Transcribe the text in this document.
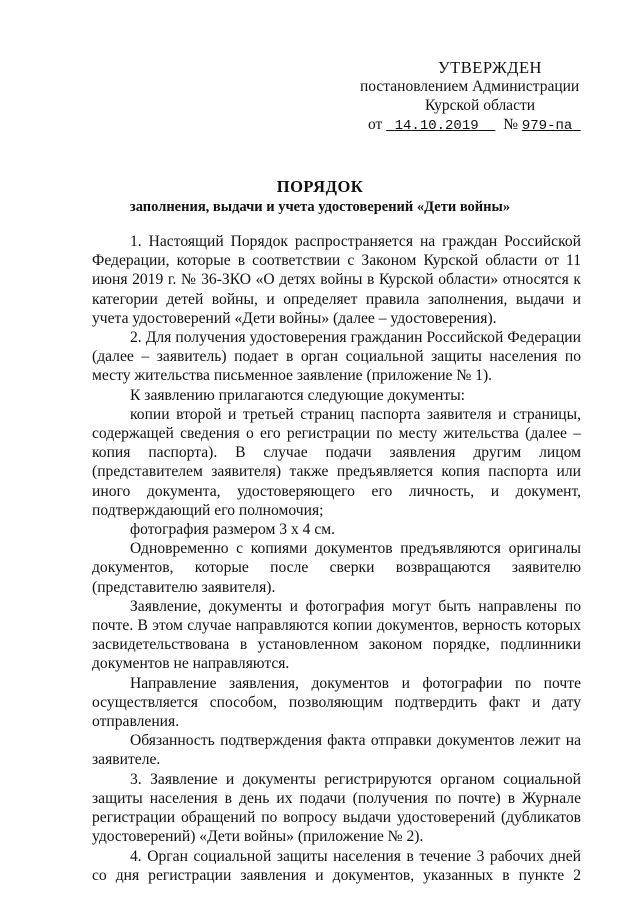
УТВЕРЖДЕН
постановлением Администрации
Курской области
от 14.10.2019 № 979-па
ПОРЯДОК
заполнения, выдачи и учета удостоверений «Дети войны»

1. Настоящий Порядок распространяется на граждан Российской Федерации, которые в соответствии с Законом Курской области от 11 июня 2019 г. № 36-ЗКО «О детях войны в Курской области» относятся к категории детей войны, и определяет правила заполнения, выдачи и учета удостоверений «Дети войны» (далее – удостоверения).

2. Для получения удостоверения гражданин Российской Федерации (далее – заявитель) подает в орган социальной защиты населения по месту жительства письменное заявление (приложение № 1).

К заявлению прилагаются следующие документы:

копии второй и третьей страниц паспорта заявителя и страницы, содержащей сведения о его регистрации по месту жительства (далее – копия паспорта). В случае подачи заявления другим лицом (представителем заявителя) также предъявляется копия паспорта или иного документа, удостоверяющего его личность, и документ, подтверждающий его полномочия;

фотография размером 3 х 4 см.

Одновременно с копиями документов предъявляются оригиналы документов, которые после сверки возвращаются заявителю (представителю заявителя).

Заявление, документы и фотография могут быть направлены по почте. В этом случае направляются копии документов, верность которых засвидетельствована в установленном законом порядке, подлинники документов не направляются.

Направление заявления, документов и фотографии по почте осуществляется способом, позволяющим подтвердить факт и дату отправления.

Обязанность подтверждения факта отправки документов лежит на заявителе.

3. Заявление и документы регистрируются органом социальной защиты населения в день их подачи (получения по почте) в Журнале регистрации обращений по вопросу выдачи удостоверений (дубликатов удостоверений) «Дети войны» (приложение № 2).

4. Орган социальной защиты населения в течение 3 рабочих дней со дня регистрации заявления и документов, указанных в пункте 2
